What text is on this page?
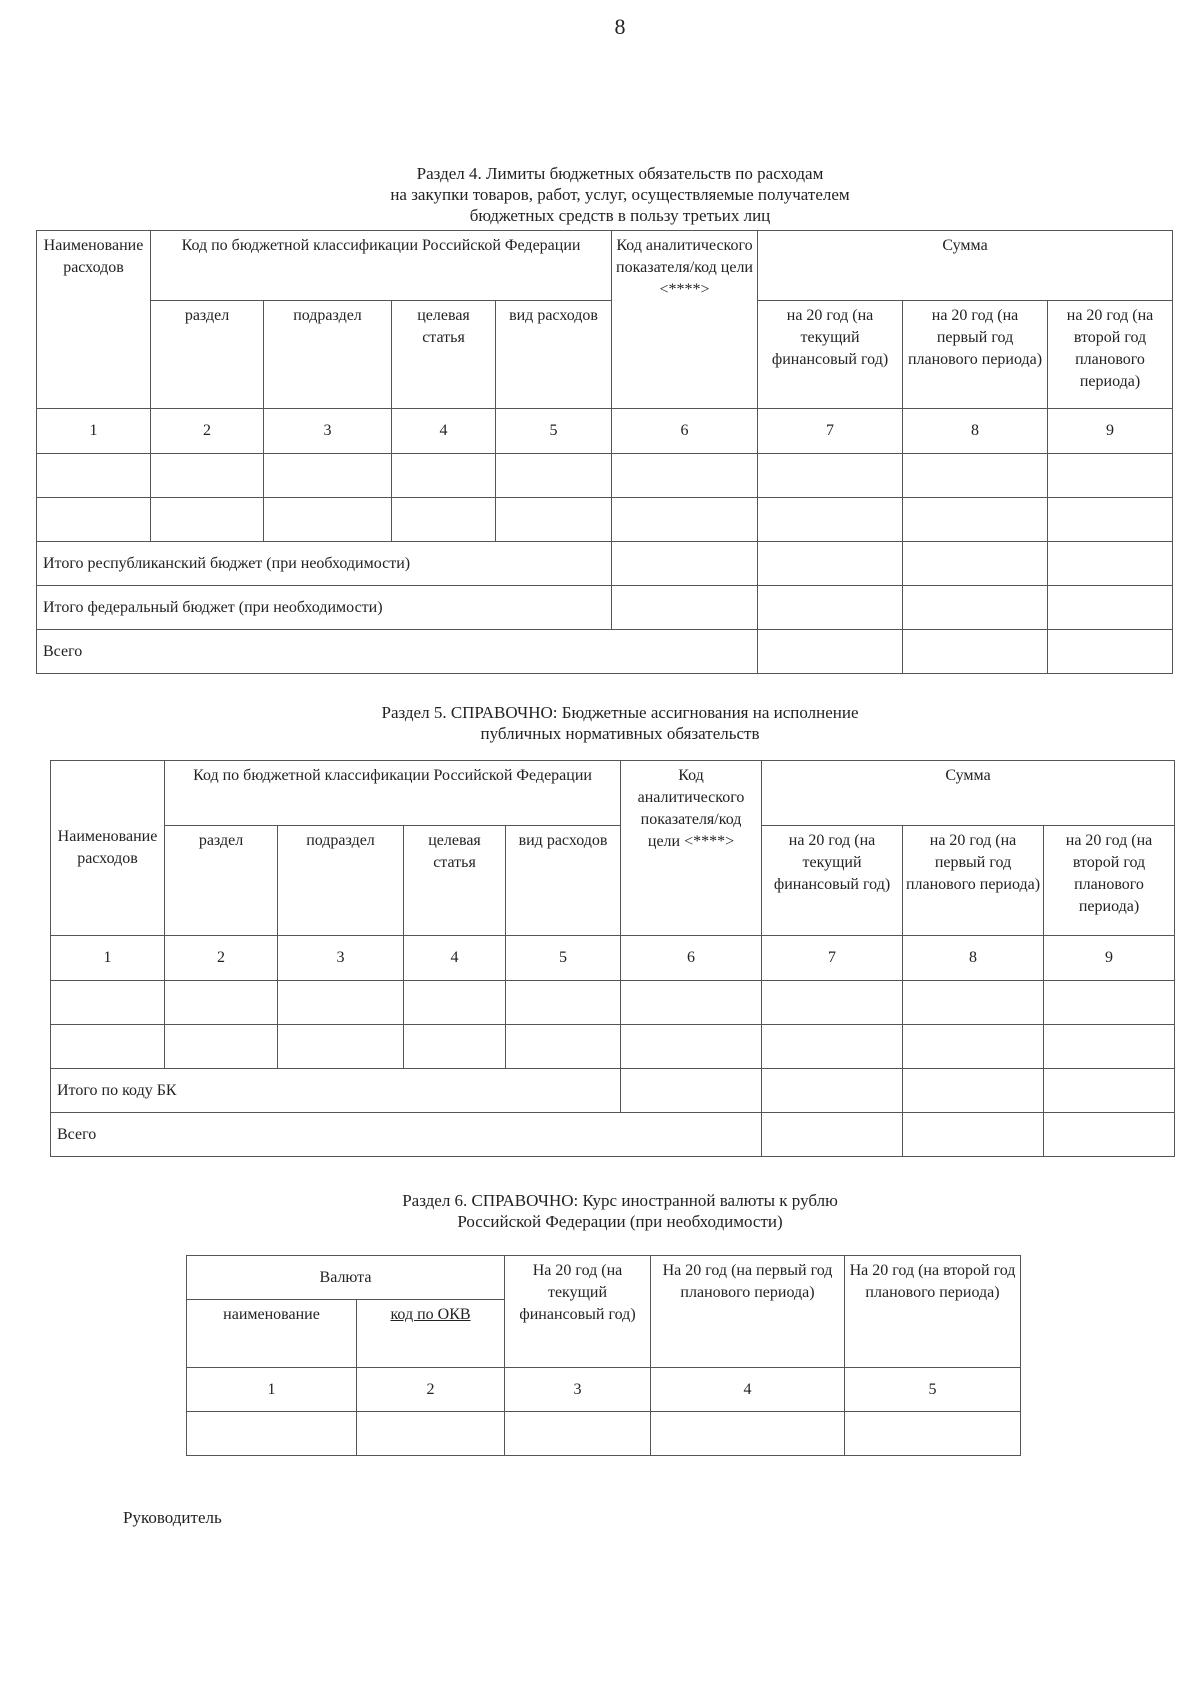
8
Раздел 4. Лимиты бюджетных обязательств по расходам
на закупки товаров, работ, услуг, осуществляемые получателем
бюджетных средств в пользу третьих лиц
Наименование расходов	Код по бюджетной классификации Российской Федерации				Код аналитического показателя/код цели <****>	Сумма		
	раздел	подраздел	целевая статья	вид расходов		на 20 год (на текущий финансовый год)	на 20 год (на первый год планового периода)	на 20 год (на второй год планового периода)
1	2	3	4	5	6	7	8	9

Итого республиканский бюджет (при необходимости)								
Итого федеральный бюджет (при необходимости)								
Всего								
Раздел 5. СПРАВОЧНО: Бюджетные ассигнования на исполнение
публичных нормативных обязательств
Наименование расходов	Код по бюджетной классификации Российской Федерации				Код аналитического показателя/код цели <****>	Сумма		
	раздел	подраздел	целевая статья	вид расходов		на 20 год (на текущий финансовый год)	на 20 год (на первый год планового периода)	на 20 год (на второй год планового периода)
1	2	3	4	5	6	7	8	9

Итого по коду БК								
Всего								
Раздел 6. СПРАВОЧНО: Курс иностранной валюты к рублю
Российской Федерации (при необходимости)
Валюта		На 20 год (на текущий финансовый год)	На 20 год (на первый год планового периода)	На 20 год (на второй год планового периода)
наименование	код по ОКВ			
1	2	3	4	5

Руководитель
